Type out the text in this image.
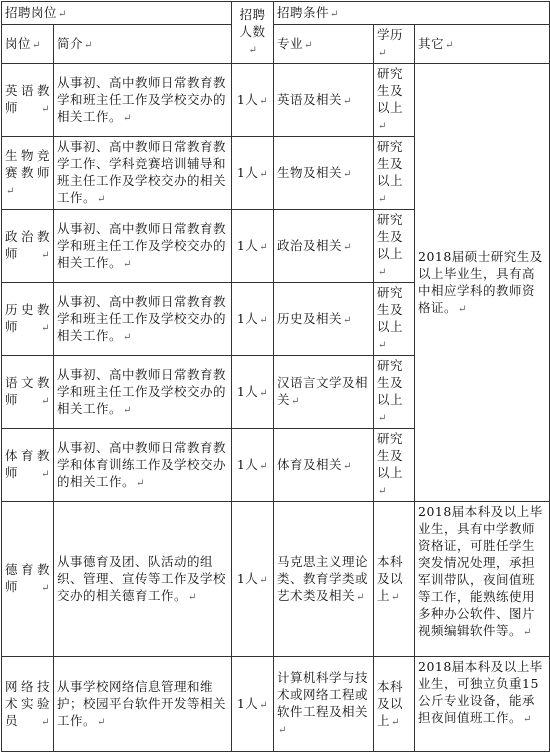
招聘岗位↵		招聘人数↵	招聘条件↵		
岗位↵	简介↵		专业↵	学历↵	其它↵
英语教师↵	从事初、高中教师日常教育教学和班主任工作及学校交办的相关工作。↵	1人↵	英语及相关↵	研究生及以上↵	2018届硕士研究生及以上毕业生，具有高中相应学科的教师资格证。↵
生物竞赛教师↵	从事初、高中教师日常教育教学工作、学科竞赛培训辅导和班主任工作及学校交办的相关工作。↵	1人↵	生物及相关↵	研究生及以上↵	
政治教师↵	从事初、高中教师日常教育教学和班主任工作及学校交办的相关工作。↵	1人↵	政治及相关↵	研究生及以上↵	
历史教师↵	从事初、高中教师日常教育教学和班主任工作及学校交办的相关工作。↵	1人↵	历史及相关↵	研究生及以上↵	
语文教师↵	从事初、高中教师日常教育教学和班主任工作及学校交办的相关工作。↵	1人↵	汉语言文学及相关↵	研究生及以上↵	
体育教师↵	从事初、高中教师日常教育教学和体育训练工作及学校交办的相关工作。↵	1人↵	体育及相关↵	研究生及以上↵	
德育教师↵	从事德育及团、队活动的组织、管理、宣传等工作及学校交办的相关德育工作。↵	1人↵	马克思主义理论类、教育学类或艺术类及相关↵	本科及以上↵	2018届本科及以上毕业生，具有中学教师资格证，可胜任学生突发情况处理，承担军训带队，夜间值班等工作，能熟练使用多种办公软件、图片视频编辑软件等。↵
网络技术实验员↵	从事学校网络信息管理和维护；校园平台软件开发等相关工作。↵	1人↵	计算机科学与技术或网络工程或软件工程及相关↵	本科及以上↵	2018届本科及以上毕业生，可独立负重15公斤专业设备，能承担夜间值班工作。↵
